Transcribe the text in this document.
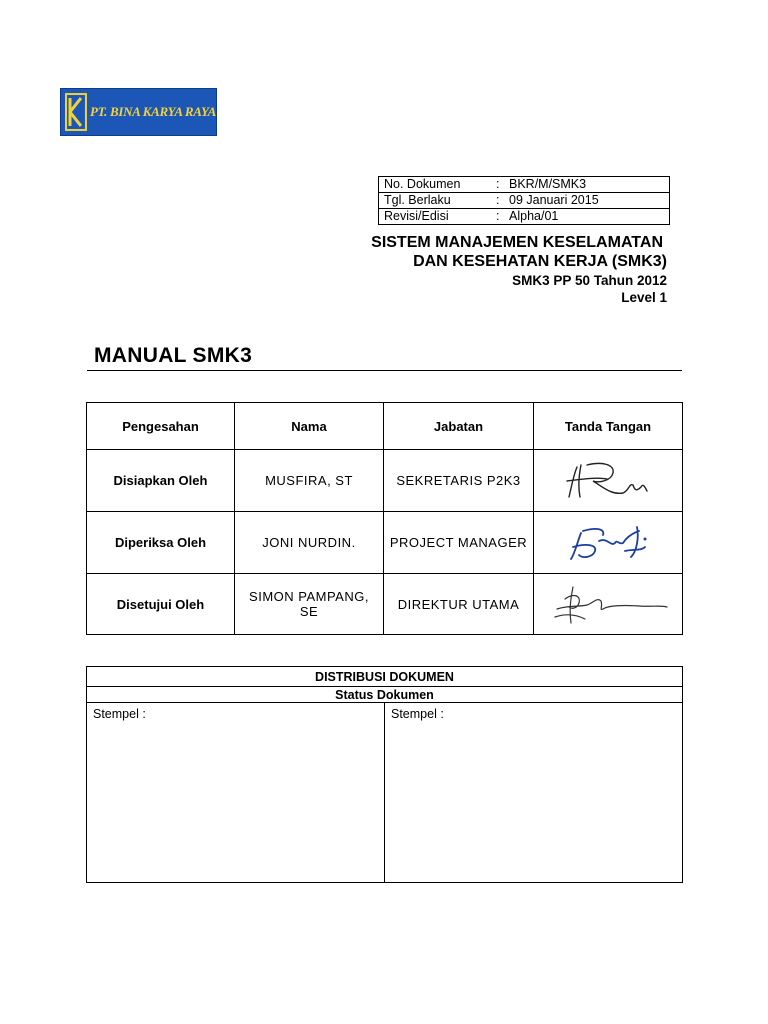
PT. BINA KARYA RAYA
No. Dokumen	:	BKR/M/SMK3
Tgl. Berlaku	:	09 Januari 2015
Revisi/Edisi	:	Alpha/01
SISTEM MANAJEMEN KESELAMATAN
DAN KESEHATAN KERJA (SMK3)
SMK3 PP 50 Tahun 2012
Level 1
MANUAL SMK3
Pengesahan	Nama	Jabatan	Tanda Tangan
Disiapkan Oleh	MUSFIRA, ST	SEKRETARIS P2K3	

Diperiksa Oleh	JONI NURDIN.	PROJECT MANAGER	

Disetujui Oleh	SIMON PAMPANG, SE	DIREKTUR UTAMA	
DISTRIBUSI DOKUMEN
Status Dokumen
Stempel :	Stempel :
